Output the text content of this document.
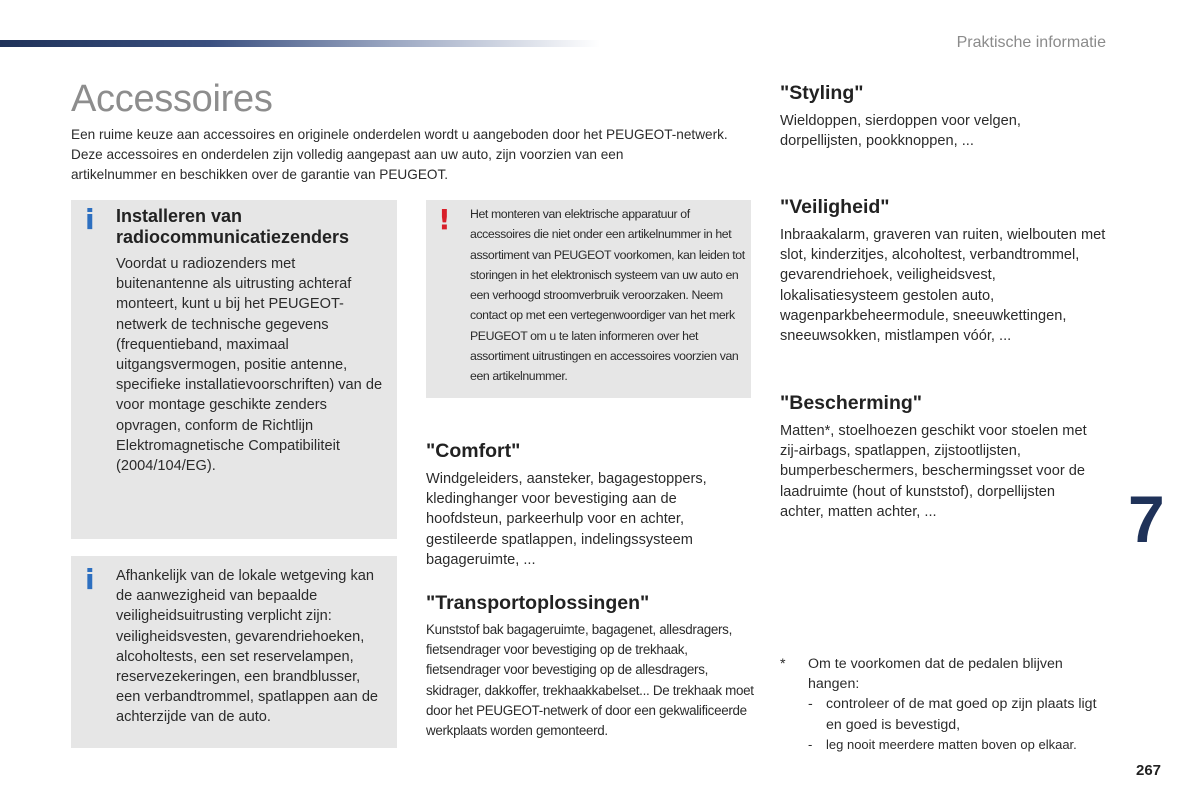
Praktische informatie
Accessoires

Een ruime keuze aan accessoires en originele onderdelen wordt u aangeboden door het PEUGEOT-netwerk.

Deze accessoires en onderdelen zijn volledig aangepast aan uw auto, zijn voorzien van een

artikelnummer en beschikken over de garantie van PEUGEOT.

i Installeren van radiocommunicatiezenders
Voordat u radiozenders met buitenantenne als uitrusting achteraf monteert, kunt u bij het PEUGEOT-netwerk de technische gegevens (frequentieband, maximaal uitgangsvermogen, positie antenne, specifieke installatievoorschriften) van de voor montage geschikte zenders opvragen, conform de Richtlijn Elektromagnetische Compatibiliteit (2004/104/EG).
i Afhankelijk van de lokale wetgeving kan de aanwezigheid van bepaalde veiligheidsuitrusting verplicht zijn: veiligheidsvesten, gevarendriehoeken, alcoholtests, een set reservelampen, reservezekeringen, een brandblusser, een verbandtrommel, spatlappen aan de achterzijde van de auto.
! Het monteren van elektrische apparatuur of accessoires die niet onder een artikelnummer in het assortiment van PEUGEOT voorkomen, kan leiden tot storingen in het elektronisch systeem van uw auto en een verhoogd stroomverbruik veroorzaken. Neem contact op met een vertegenwoordiger van het merk PEUGEOT om u te laten informeren over het assortiment uitrustingen en accessoires voorzien van een artikelnummer.
"Comfort"
Windgeleiders, aansteker, bagagestoppers, kledinghanger voor bevestiging aan de hoofdsteun, parkeerhulp voor en achter, gestileerde spatlappen, indelingssysteem bagageruimte, ...
"Transportoplossingen"
Kunststof bak bagageruimte, bagagenet, allesdragers, fietsendrager voor bevestiging op de trekhaak, fietsendrager voor bevestiging op de allesdragers, skidrager, dakkoffer, trekhaakkabelset... De trekhaak moet door het PEUGEOT-netwerk of door een gekwalificeerde werkplaats worden gemonteerd.
"Styling"
Wieldoppen, sierdoppen voor velgen, dorpellijsten, pookknoppen, ...
"Veiligheid"
Inbraakalarm, graveren van ruiten, wielbouten met slot, kinderzitjes, alcoholtest, verbandtrommel, gevarendriehoek, veiligheidsvest, lokalisatiesysteem gestolen auto, wagenparkbeheermodule, sneeuwkettingen, sneeuwsokken, mistlampen vóór, ...
"Bescherming"
Matten*, stoelhoezen geschikt voor stoelen met zij-airbags, spatlappen, zijstootlijsten, bumperbeschermers, beschermingsset voor de laadruimte (hout of kunststof), dorpellijsten achter, matten achter, ...
*	Om te voorkomen dat de pedalen blijven hangen:
- controleer of de mat goed op zijn plaats ligt en goed is bevestigd,
-	leg nooit meerdere matten boven op elkaar.
7
267
